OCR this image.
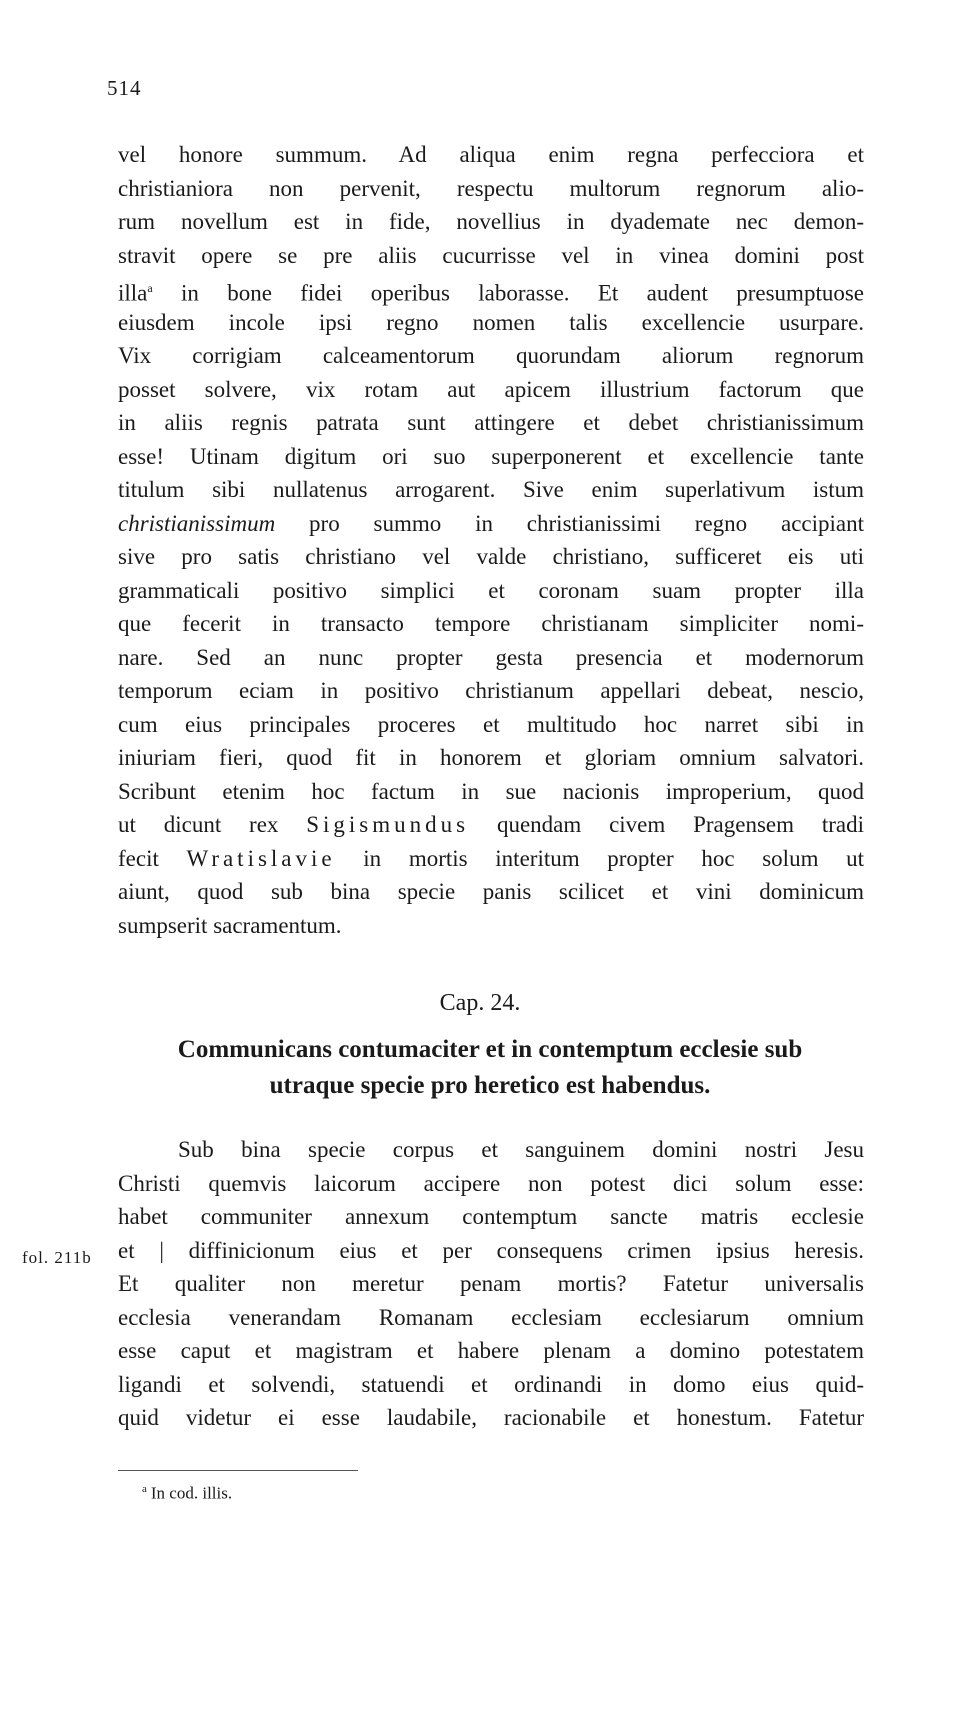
514
vel honore summum. Ad aliqua enim regna perfecciora et
christianiora non pervenit, respectu multorum regnorum alio-
rum novellum est in fide, novellius in dyademate nec demon-
stravit opere se pre aliis cucurrisse vel in vinea domini post
illa$^a$ in bone fidei operibus laborasse. Et audent presumptuose
eiusdem incole ipsi regno nomen talis excellencie usurpare.
Vix corrigiam calceamentorum quorundam aliorum regnorum
posset solvere, vix rotam aut apicem illustrium factorum que
in aliis regnis patrata sunt attingere et debet christianissimum
esse! Utinam digitum ori suo superponerent et excellencie tante
titulum sibi nullatenus arrogarent. Sive enim superlativum istum
christianissimum pro summo in christianissimi regno accipiant
sive pro satis christiano vel valde christiano, sufficeret eis uti
grammaticali positivo simplici et coronam suam propter illa
que fecerit in transacto tempore christianam simpliciter nomi-
nare. Sed an nunc propter gesta presencia et modernorum
temporum eciam in positivo christianum appellari debeat, nescio,
cum eius principales proceres et multitudo hoc narret sibi in
iniuriam fieri, quod fit in honorem et gloriam omnium salvatori.
Scribunt etenim hoc factum in sue nacionis improperium, quod
ut dicunt rex Sigismundus quendam civem Pragensem tradi
fecit Wratislavie in mortis interitum propter hoc solum ut
aiunt, quod sub bina specie panis scilicet et vini dominicum
sumpserit sacramentum.
Cap. 24.
Communicans contumaciter et in contemptum ecclesie sub
utraque specie pro heretico est habendus.
Sub bina specie corpus et sanguinem domini nostri Jesu
Christi quemvis laicorum accipere non potest dici solum esse:
habet communiter annexum contemptum sancte matris ecclesie
et | diffinicionum eius et per consequens crimen ipsius heresis.
Et qualiter non meretur penam mortis? Fatetur universalis
ecclesia venerandam Romanam ecclesiam ecclesiarum omnium
esse caput et magistram et habere plenam a domino potestatem
ligandi et solvendi, statuendi et ordinandi in domo eius quid-
quid videtur ei esse laudabile, racionabile et honestum. Fatetur
fol. 211b
$^a$ In cod. illis.
